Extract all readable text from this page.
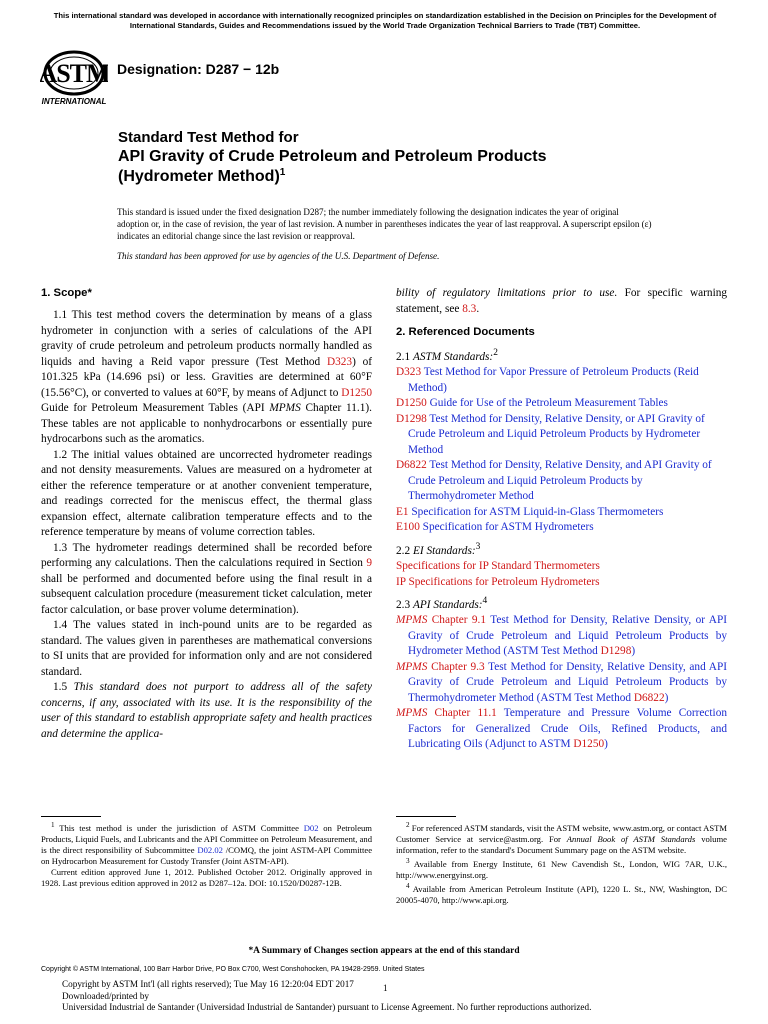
This international standard was developed in accordance with internationally recognized principles on standardization established in the Decision on Principles for the Development of International Standards, Guides and Recommendations issued by the World Trade Organization Technical Barriers to Trade (TBT) Committee.
ASTM
INTERNATIONAL
Designation: D287 − 12b
Standard Test Method for
API Gravity of Crude Petroleum and Petroleum Products
(Hydrometer Method)$^1$

This standard is issued under the fixed designation D287; the number immediately following the designation indicates the year of original adoption or, in the case of revision, the year of last revision. A number in parentheses indicates the year of last reapproval. A superscript epsilon (ε) indicates an editorial change since the last revision or reapproval.

This standard has been approved for use by agencies of the U.S. Department of Defense.

1. Scope*

1.1 This test method covers the determination by means of a glass hydrometer in conjunction with a series of calculations of the API gravity of crude petroleum and petroleum products normally handled as liquids and having a Reid vapor pressure (Test Method D323) of 101.325 kPa (14.696 psi) or less. Gravities are determined at 60°F (15.56°C), or converted to values at 60°F, by means of Adjunct to D1250 Guide for Petroleum Measurement Tables (API MPMS Chapter 11.1). These tables are not applicable to nonhydrocarbons or essentially pure hydrocarbons such as the aromatics.

1.2 The initial values obtained are uncorrected hydrometer readings and not density measurements. Values are measured on a hydrometer at either the reference temperature or at another convenient temperature, and readings corrected for the meniscus effect, the thermal glass expansion effect, alternate calibration temperature effects and to the reference temperature by means of volume correction tables.

1.3 The hydrometer readings determined shall be recorded before performing any calculations. Then the calculations required in Section 9 shall be performed and documented before using the final result in a subsequent calculation procedure (measurement ticket calculation, meter factor calculation, or base prover volume determination).

1.4 The values stated in inch-pound units are to be regarded as standard. The values given in parentheses are mathematical conversions to SI units that are provided for information only and are not considered standard.

1.5 This standard does not purport to address all of the safety concerns, if any, associated with its use. It is the responsibility of the user of this standard to establish appropriate safety and health practices and determine the applica-

bility of regulatory limitations prior to use. For specific warning statement, see 8.3.

2. Referenced Documents

2.1 ASTM Standards:$^2$

D323 Test Method for Vapor Pressure of Petroleum Products (Reid Method)

D1250 Guide for Use of the Petroleum Measurement Tables

D1298 Test Method for Density, Relative Density, or API Gravity of Crude Petroleum and Liquid Petroleum Products by Hydrometer Method

D6822 Test Method for Density, Relative Density, and API Gravity of Crude Petroleum and Liquid Petroleum Products by Thermohydrometer Method

E1 Specification for ASTM Liquid-in-Glass Thermometers

E100 Specification for ASTM Hydrometers

2.2 EI Standards:$^3$

Specifications for IP Standard Thermometers

IP Specifications for Petroleum Hydrometers

2.3 API Standards:$^4$

MPMS Chapter 9.1 Test Method for Density, Relative Density, or API Gravity of Crude Petroleum and Liquid Petroleum Products by Hydrometer Method (ASTM Test Method D1298)

MPMS Chapter 9.3 Test Method for Density, Relative Density, and API Gravity of Crude Petroleum and Liquid Petroleum Products by Thermohydrometer Method (ASTM Test Method D6822)

MPMS Chapter 11.1 Temperature and Pressure Volume Correction Factors for Generalized Crude Oils, Refined Products, and Lubricating Oils (Adjunct to ASTM D1250)

$^1$ This test method is under the jurisdiction of ASTM Committee D02 on Petroleum Products, Liquid Fuels, and Lubricants and the API Committee on Petroleum Measurement, and is the direct responsibility of Subcommittee D02.02 /COMQ, the joint ASTM-API Committee on Hydrocarbon Measurement for Custody Transfer (Joint ASTM-API).

Current edition approved June 1, 2012. Published October 2012. Originally approved in 1928. Last previous edition approved in 2012 as D287–12a. DOI: 10.1520/D0287-12B.

$^2$ For referenced ASTM standards, visit the ASTM website, www.astm.org, or contact ASTM Customer Service at service@astm.org. For Annual Book of ASTM Standards volume information, refer to the standard's Document Summary page on the ASTM website.

$^3$ Available from Energy Institute, 61 New Cavendish St., London, WIG 7AR, U.K., http://www.energyinst.org.

$^4$ Available from American Petroleum Institute (API), 1220 L. St., NW, Washington, DC 20005-4070, http://www.api.org.

*A Summary of Changes section appears at the end of this standard
Copyright © ASTM International, 100 Barr Harbor Drive, PO Box C700, West Conshohocken, PA 19428-2959. United States
Copyright by ASTM Int'l (all rights reserved); Tue May 16 12:20:04 EDT 2017
Downloaded/printed by
Universidad Industrial de Santander (Universidad Industrial de Santander) pursuant to License Agreement. No further reproductions authorized.
1
